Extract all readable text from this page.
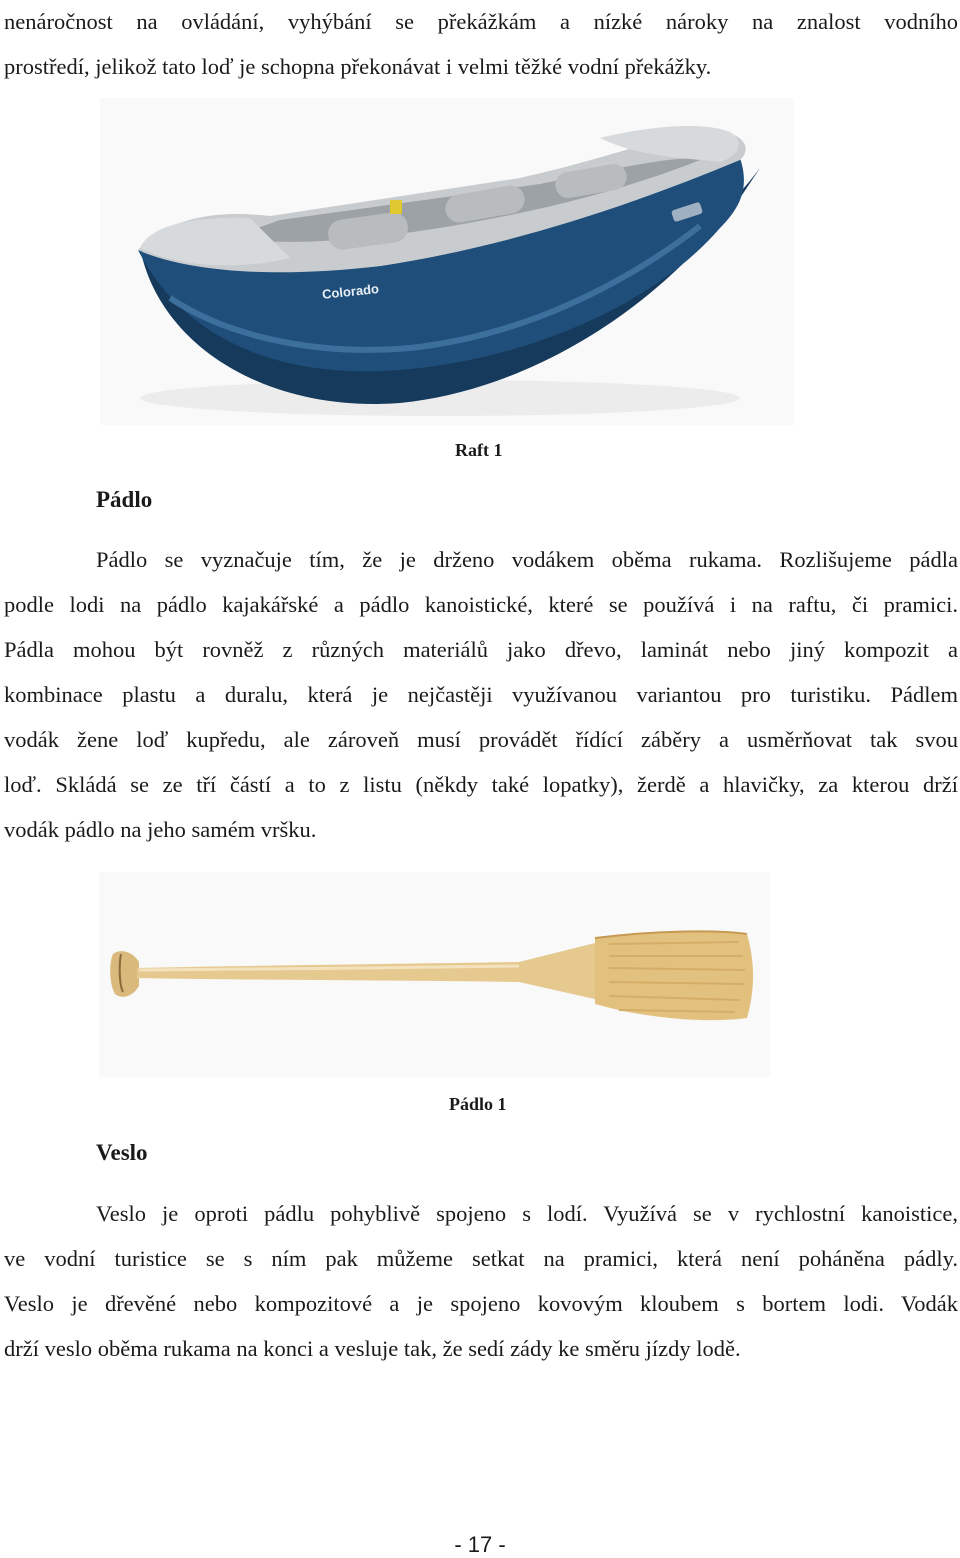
nenáročnost na ovládání, vyhýbání se překážkám a nízké nároky na znalost vodního
prostředí, jelikož tato loď je schopna překonávat i velmi těžké vodní překážky.
Colorado
Raft 1
Pádlo
Pádlo se vyznačuje tím, že je drženo vodákem oběma rukama. Rozlišujeme pádla
podle lodi na pádlo kajakářské a pádlo kanoistické, které se používá i na raftu, či pramici.
Pádla mohou být rovněž z různých materiálů jako dřevo, laminát nebo jiný kompozit a
kombinace plastu a duralu, která je nejčastěji využívanou variantou pro turistiku. Pádlem
vodák žene loď kupředu, ale zároveň musí provádět řídící záběry a usměrňovat tak svou
loď. Skládá se ze tří částí a to z listu (někdy také lopatky), žerdě a hlavičky, za kterou drží
vodák pádlo na jeho samém vršku.
Pádlo 1
Veslo
Veslo je oproti pádlu pohyblivě spojeno s lodí. Využívá se v rychlostní kanoistice,
ve vodní turistice se s ním pak můžeme setkat na pramici, která není poháněna pádly.
Veslo je dřevěné nebo kompozitové a je spojeno kovovým kloubem s bortem lodi. Vodák
drží veslo oběma rukama na konci a vesluje tak, že sedí zády ke směru jízdy lodě.
- 17 -
